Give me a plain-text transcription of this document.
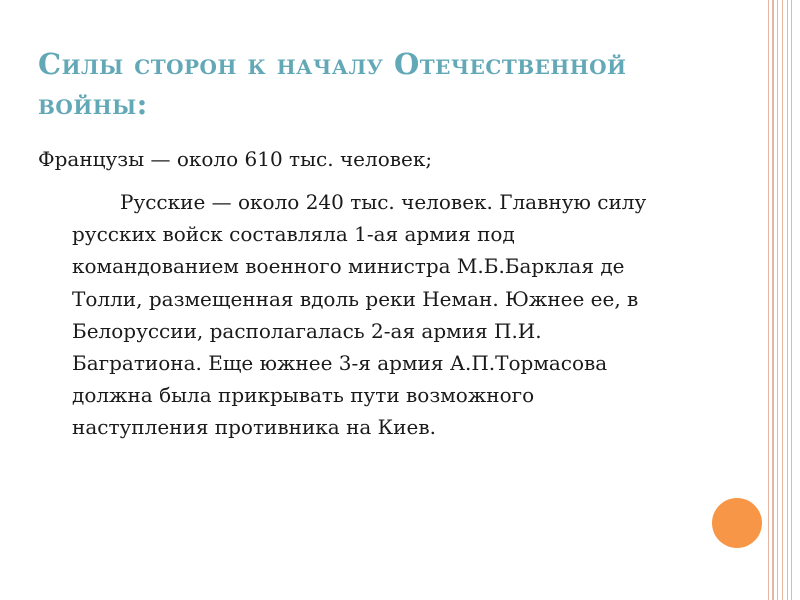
Силы сторон к началу Отечественной войны:
Французы — около 610 тыс. человек;
Русские — около 240 тыс. человек. Главную силу русских войск составляла 1-ая армия под командованием военного министра М.Б.Барклая де Толли, размещенная вдоль реки Неман. Южнее ее, в Белоруссии, располагалась 2-ая армия П.И. Багратиона. Еще южнее 3-я армия А.П.Тормасова должна была прикрывать пути возможного наступления противника на Киев.
